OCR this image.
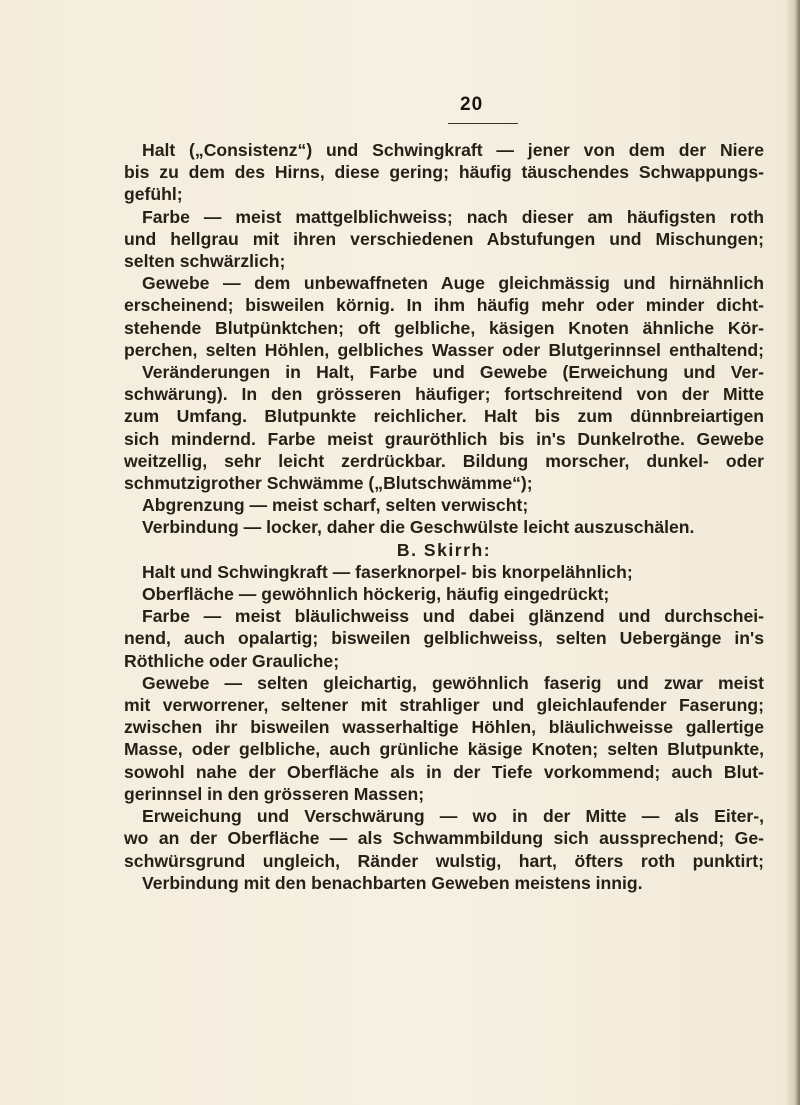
20
Halt („Consistenz“) und Schwingkraft — jener von dem der Niere
bis zu dem des Hirns, diese gering; häufig täuschendes Schwappungs-
gefühl;
Farbe — meist mattgelblichweiss; nach dieser am häufigsten roth
und hellgrau mit ihren verschiedenen Abstufungen und Mischungen;
selten schwärzlich;
Gewebe — dem unbewaffneten Auge gleichmässig und hirnähnlich
erscheinend; bisweilen körnig. In ihm häufig mehr oder minder dicht-
stehende Blutpünktchen; oft gelbliche, käsigen Knoten ähnliche Kör-
perchen, selten Höhlen, gelbliches Wasser oder Blutgerinnsel enthaltend;
Veränderungen in Halt, Farbe und Gewebe (Erweichung und Ver-
schwärung). In den grösseren häufiger; fortschreitend von der Mitte
zum Umfang. Blutpunkte reichlicher. Halt bis zum dünnbreiartigen
sich mindernd. Farbe meist grauröthlich bis in's Dunkelrothe. Gewebe
weitzellig, sehr leicht zerdrückbar. Bildung morscher, dunkel- oder
schmutzigrother Schwämme („Blutschwämme“);
Abgrenzung — meist scharf, selten verwischt;
Verbindung — locker, daher die Geschwülste leicht auszuschälen.
B. Skirrh:
Halt und Schwingkraft — faserknorpel- bis knorpelähnlich;
Oberfläche — gewöhnlich höckerig, häufig eingedrückt;
Farbe — meist bläulichweiss und dabei glänzend und durchschei-
nend, auch opalartig; bisweilen gelblichweiss, selten Uebergänge in's
Röthliche oder Grauliche;
Gewebe — selten gleichartig, gewöhnlich faserig und zwar meist
mit verworrener, seltener mit strahliger und gleichlaufender Faserung;
zwischen ihr bisweilen wasserhaltige Höhlen, bläulichweisse gallertige
Masse, oder gelbliche, auch grünliche käsige Knoten; selten Blutpunkte,
sowohl nahe der Oberfläche als in der Tiefe vorkommend; auch Blut-
gerinnsel in den grösseren Massen;
Erweichung und Verschwärung — wo in der Mitte — als Eiter-,
wo an der Oberfläche — als Schwammbildung sich ausspreсhend; Ge-
schwürsgrund ungleich, Ränder wulstig, hart, öfters roth punktirt;
Verbindung mit den benachbarten Geweben meistens innig.
